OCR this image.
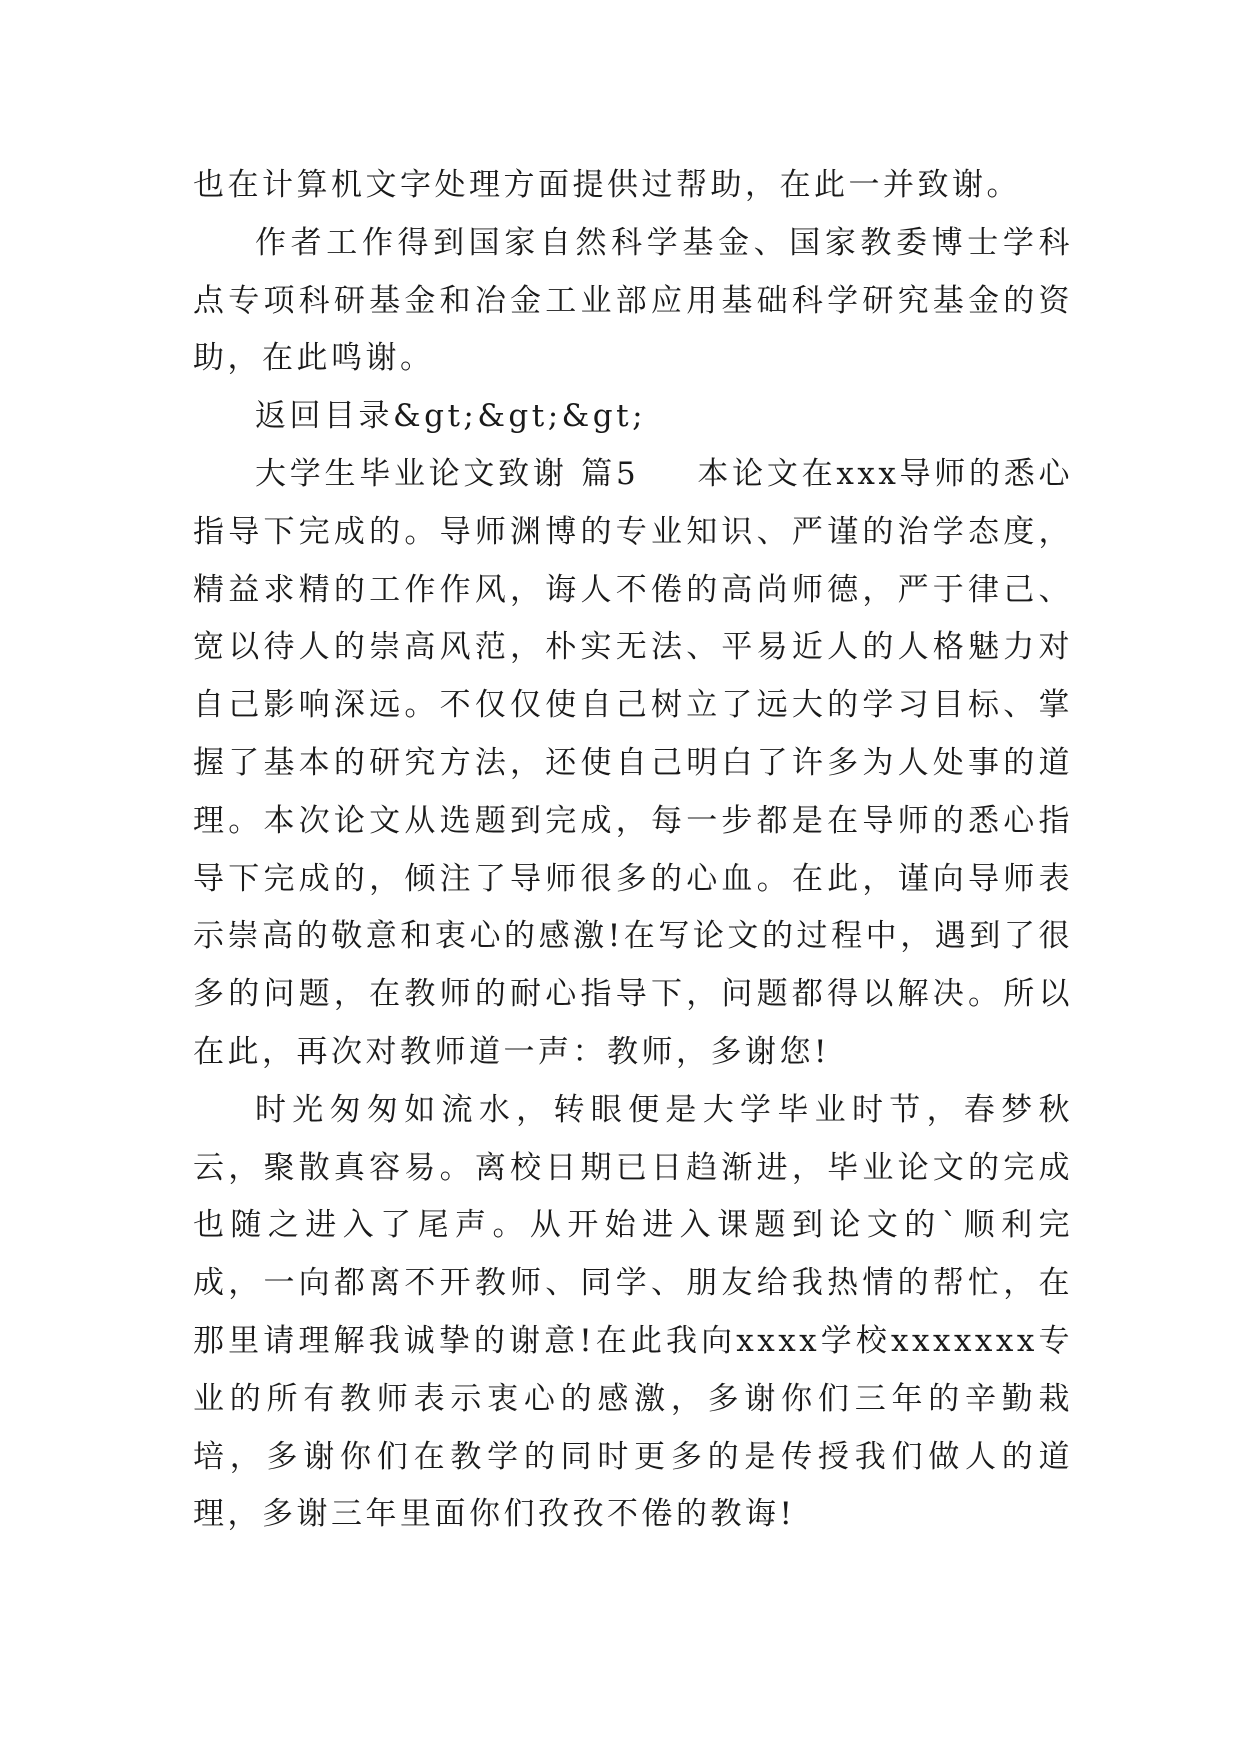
也在计算机文字处理方面提供过帮助，在此一并致谢。

作者工作得到国家自然科学基金、国家教委博士学科点专项科研基金和冶金工业部应用基础科学研究基金的资助，在此鸣谢。

返回目录&gt;&gt;&gt;

大学生毕业论文致谢 篇5 本论文在xxx导师的悉心指导下完成的。导师渊博的专业知识、严谨的治学态度，精益求精的工作作风，诲人不倦的高尚师德，严于律己、宽以待人的崇高风范，朴实无法、平易近人的人格魅力对自己影响深远。不仅仅使自己树立了远大的学习目标、掌握了基本的研究方法，还使自己明白了许多为人处事的道理。本次论文从选题到完成，每一步都是在导师的悉心指导下完成的，倾注了导师很多的心血。在此，谨向导师表示崇高的敬意和衷心的感激!在写论文的过程中，遇到了很多的问题，在教师的耐心指导下，问题都得以解决。所以在此，再次对教师道一声：教师，多谢您!

时光匆匆如流水，转眼便是大学毕业时节，春梦秋云，聚散真容易。离校日期已日趋渐进，毕业论文的完成也随之进入了尾声。从开始进入课题到论文的`顺利完成，一向都离不开教师、同学、朋友给我热情的帮忙，在那里请理解我诚挚的谢意!在此我向xxxx学校xxxxxxx专业的所有教师表示衷心的感激，多谢你们三年的辛勤栽培，多谢你们在教学的同时更多的是传授我们做人的道理，多谢三年里面你们孜孜不倦的教诲!
